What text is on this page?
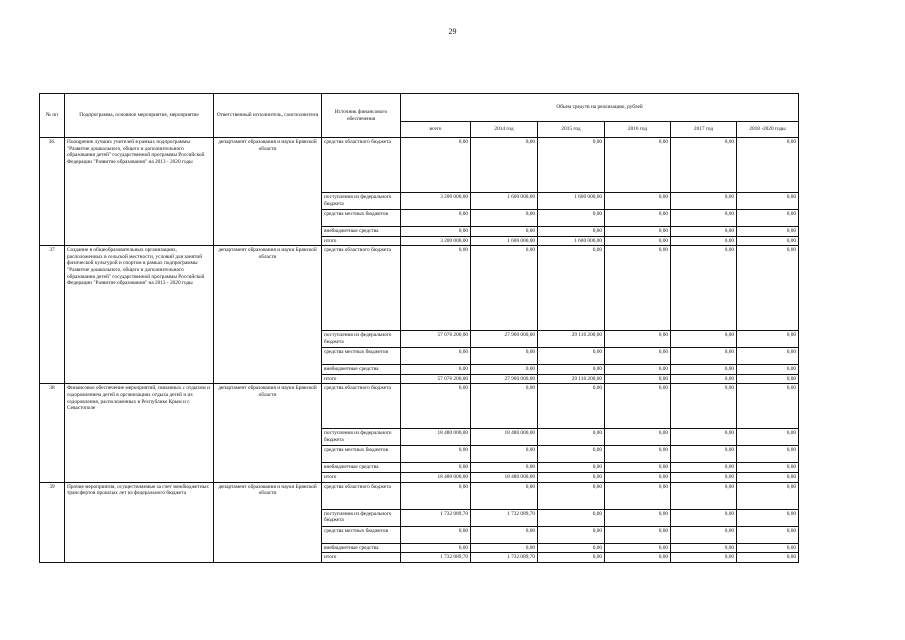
29
№ пп	Подпрограмма, основное мероприятие, мероприятие	Ответственный исполнитель, соисполнители	Источник финансового обеспечения	Объем средств на реализацию, рублей					
				всего	2014 год	2015 год	2016 год	2017 год	2018 -2020 годы
36.	Поощрение лучших учителей в рамках подпрограммы "Развитие дошкольного, общего и дополнительного образования детей" государственной программы Российской Федерации "Развитие образования" на 2013 - 2020 годы	департамент образования и науки Брянской области	средства областного бюджета	0,00	0,00	0,00	0,00	0,00	0,00
			поступления из федерального бюджета	3 200 000,00	1 600 000,00	1 600 000,00	0,00	0,00	0,00
			средства местных бюджетов	0,00	0,00	0,00	0,00	0,00	0,00
			внебюджетные средства	0,00	0,00	0,00	0,00	0,00	0,00
			итого	3 200 000,00	1 600 000,00	1 600 000,00	0,00	0,00	0,00
37	Создание в общеобразовательных организациях, расположенных в сельской местности, условий для занятий физической культурой и спортом в рамках подпрограммы "Развитие дошкольного, общего и дополнительного образования детей" государственной программы Российской Федерации "Развитие образования" на 2013 - 2020 годы	департамент образования и науки Брянской области	средства областного бюджета	0,00	0,00	0,00	0,00	0,00	0,00
			поступления из федерального бюджета	57 076 200,00	27 960 000,00	29 116 200,00	0,00	0,00	0,00
			средства местных бюджетов	0,00	0,00	0,00	0,00	0,00	0,00
			внебюджетные средства	0,00	0,00	0,00	0,00	0,00	0,00
			итого	57 076 200,00	27 960 000,00	29 116 200,00	0,00	0,00	0,00
38	Финансовое обеспечение мероприятий, связанных с отдыхом и оздоровлением детей в организациях отдыха детей и их оздоровления, расположенных в Республике Крым и г. Севастополе	департамент образования и науки Брянской области	средства областного бюджета	0,00	0,00	0,00	0,00	0,00	0,00
			поступления из федерального бюджета	18 480 000,00	18 480 000,00	0,00	0,00	0,00	0,00
			средства местных бюджетов	0,00	0,00	0,00	0,00	0,00	0,00
			внебюджетные средства	0,00	0,00	0,00	0,00	0,00	0,00
			итого	18 480 000,00	18 480 000,00	0,00	0,00	0,00	0,00
39	Прочие мероприятия, осуществляемые за счет межбюджетных трансфертов прошлых лет из федерального бюджета	департамент образования и науки Брянской области	средства областного бюджета	0,00	0,00	0,00	0,00	0,00	0,00
			поступления из федерального бюджета	1 732 089,70	1 732 089,70	0,00	0,00	0,00	0,00
			средства местных бюджетов	0,00	0,00	0,00	0,00	0,00	0,00
			внебюджетные средства	0,00	0,00	0,00	0,00	0,00	0,00
			итого	1 732 089,70	1 732 089,70	0,00	0,00	0,00	0,00
